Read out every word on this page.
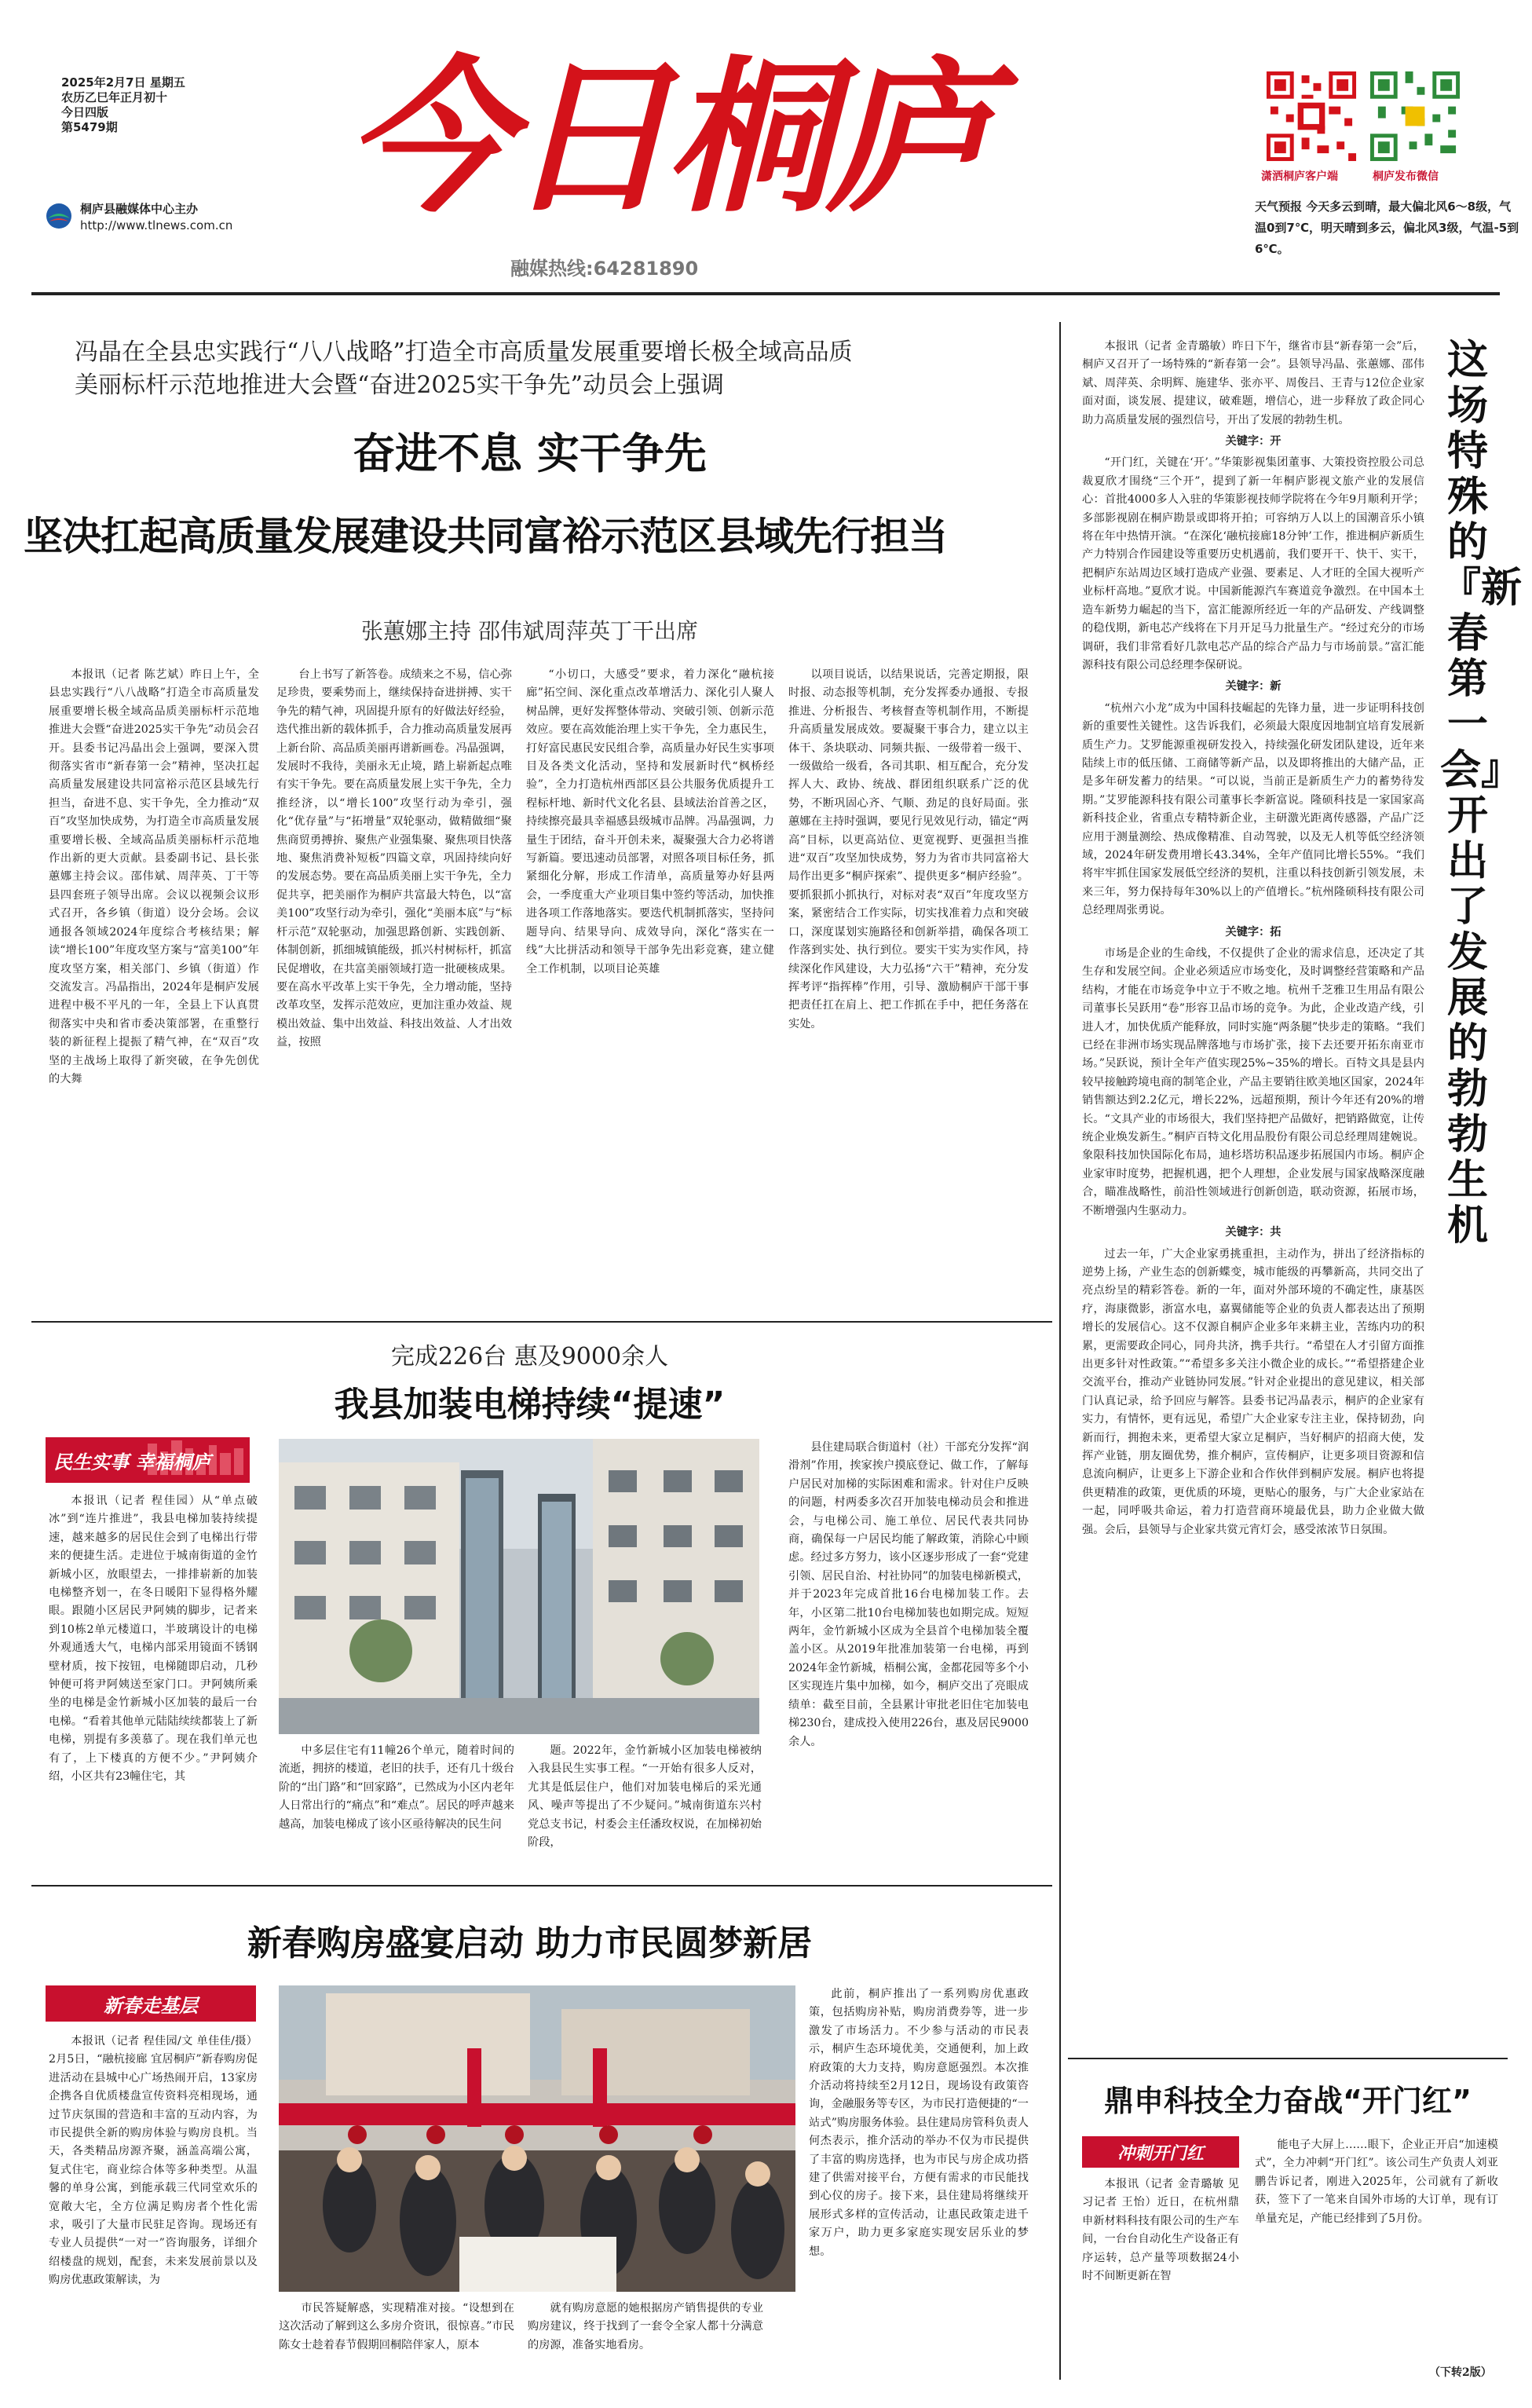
2025年2月7日 星期五
农历乙巳年正月初十
今日四版
第5479期
桐庐县融媒体中心主办
http://www.tlnews.com.cn 今日桐庐
融媒热线:64281890
潇洒桐庐客户端	桐庐发布微信
天气预报 今天多云到晴，最大偏北风6～8级，气温0到7℃，明天晴到多云，偏北风3级，气温-5到6℃。
冯晶在全县忠实践行“八八战略”打造全市高质量发展重要增长极全域高品质
美丽标杆示范地推进大会暨“奋进2025实干争先”动员会上强调
奋进不息 实干争先
坚决扛起高质量发展建设共同富裕示范区县域先行担当
张蕙娜主持 邵伟斌周萍英丁干出席

本报讯（记者 陈艺斌）昨日上午，全县忠实践行“八八战略”打造全市高质量发展重要增长极全域高品质美丽标杆示范地推进大会暨“奋进2025实干争先”动员会召开。县委书记冯晶出会上强调，要深入贯彻落实省市“新春第一会”精神，坚决扛起高质量发展建设共同富裕示范区县域先行担当，奋进不息、实干争先，全力推动“双百”攻坚加快成势，为打造全市高质量发展重要增长极、全域高品质美丽标杆示范地作出新的更大贡献。县委副书记、县长张蕙娜主持会议。邵伟斌、周萍英、丁干等县四套班子领导出席。会议以视频会议形式召开，各乡镇（街道）设分会场。会议通报各领域2024年度综合考核结果；解读“增长100”年度攻坚方案与“富美100”年度攻坚方案，相关部门、乡镇（街道）作交流发言。冯晶指出，2024年是桐庐发展进程中极不平凡的一年，全县上下认真贯彻落实中央和省市委决策部署，在重整行装的新征程上提振了精气神，在“双百”攻坚的主战场上取得了新突破，在争先创优的大舞

台上书写了新答卷。成绩来之不易，信心弥足珍贵，要乘势而上，继续保持奋进拼搏、实干争先的精气神，巩固提升原有的好做法好经验，迭代推出新的载体抓手，合力推动高质量发展再上新台阶、高品质美丽再谱新画卷。冯晶强调，发展时不我待，美丽永无止境，踏上崭新起点唯有实干争先。要在高质量发展上实干争先，全力推经济，以“增长100”攻坚行动为牵引，强化“优存量”与“拓增量”双轮驱动，做精做细“聚焦商贸勇搏拚、聚焦产业强集聚、聚焦项目快落地、聚焦消费补短板”四篇文章，巩固持续向好的发展态势。要在高品质美丽上实干争先，全力促共享，把美丽作为桐庐共富最大特色，以“富美100”攻坚行动为牵引，强化“美丽本底”与“标杆示范”双轮驱动，加强思路创新、实践创新、体制创新，抓细城镇能级，抓兴村树标杆，抓富民促增收，在共富美丽领域打造一批硬核成果。要在高水平改革上实干争先，全力增动能，坚持改革攻坚，发挥示范效应，更加注重办效益、规模出效益、集中出效益、科技出效益、人才出效益，按照

“小切口，大感受”要求，着力深化“融杭接廊”拓空间、深化重点改革增活力、深化引人聚人树品牌，更好发挥整体带动、突破引领、创新示范效应。要在高效能治理上实干争先，全力惠民生，打好富民惠民安民组合拳，高质量办好民生实事项目及各类文化活动，坚持和发展新时代“枫桥经验”，全力打造杭州西部区县公共服务优质提升工程标杆地、新时代文化名县、县域法治首善之区，持续擦亮最具幸福感县级城市品牌。冯晶强调，力量生于团结，奋斗开创未来，凝聚强大合力必将谱写新篇。要迅速动员部署，对照各项目标任务，抓紧细化分解，形成工作清单，高质量筹办好县两会，一季度重大产业项目集中签约等活动，加快推进各项工作落地落实。要迭代机制抓落实，坚持问题导向、结果导向、成效导向，深化“落实在一线”大比拼活动和领导干部争先出彩竞赛，建立健全工作机制，以项目论英雄

以项目说话，以结果说话，完善定期报，限时报、动态报等机制，充分发挥委办通报、专报推进、分析报告、考核督查等机制作用，不断提升高质量发展成效。要凝聚干事合力，建立以主体干、条块联动、同频共振、一级带着一级干、一级做给一级看，各司其职、相互配合，充分发挥人大、政协、统战、群团组织联系广泛的优势，不断巩固心齐、气顺、劲足的良好局面。张蕙娜在主持时强调，要见行见效见行动，锚定“两高”目标，以更高站位、更宽视野、更强担当推进“双百”攻坚加快成势，努力为省市共同富裕大局作出更多“桐庐探索”、提供更多“桐庐经验”。要抓狠抓小抓执行，对标对表“双百”年度攻坚方案，紧密结合工作实际，切实找准着力点和突破口，深度谋划实施路径和创新举措，确保各项工作落到实处、执行到位。要实干实为实作风，持续深化作风建设，大力弘扬“六干”精神，充分发挥考评“指挥棒”作用，引导、激励桐庐干部干事把责任扛在肩上、把工作抓在手中，把任务落在实处。

完成226台 惠及9000余人
我县加装电梯持续“提速”
民生实事 幸福桐庐

本报讯（记者 程佳园）从“单点破冰”到“连片推进”，我县电梯加装持续提速，越来越多的居民住会到了电梯出行带来的便捷生活。走进位于城南街道的金竹新城小区，放眼望去，一排排崭新的加装电梯整齐划一，在冬日暖阳下显得格外耀眼。跟随小区居民尹阿姨的脚步，记者来到10栋2单元楼道口，半玻璃设计的电梯外观通透大气，电梯内部采用镜面不锈钢壁材质，按下按钮，电梯随即启动，几秒钟便可将尹阿姨送至家门口。尹阿姨所乘坐的电梯是金竹新城小区加装的最后一台电梯。“看着其他单元陆陆续续都装上了新电梯，别提有多羡慕了。现在我们单元也有了，上下楼真的方便不少。”尹阿姨介绍，小区共有23幢住宅，其

中多层住宅有11幢26个单元，随着时间的流逝，拥挤的楼道，老旧的扶手，还有几十级台阶的“出门路”和“回家路”，已然成为小区内老年人日常出行的“痛点”和“难点”。居民的呼声越来越高，加装电梯成了该小区亟待解决的民生问

题。2022年，金竹新城小区加装电梯被纳入我县民生实事工程。“一开始有很多人反对，尤其是低层住户，他们对加装电梯后的采光通风、噪声等提出了不少疑问。”城南街道东兴村党总支书记，村委会主任潘玫权说，在加梯初始阶段，

县住建局联合街道村（社）干部充分发挥“润滑剂”作用，挨家挨户摸底登记、做工作，了解每户居民对加梯的实际困难和需求。针对住户反映的问题，村两委多次召开加装电梯动员会和推进会，与电梯公司、施工单位、居民代表共同协商，确保每一户居民均能了解政策，消除心中顾虑。经过多方努力，该小区逐步形成了一套“党建引领、居民自治、村社协同”的加装电梯新模式，并于2023年完成首批16台电梯加装工作。去年，小区第二批10台电梯加装也如期完成。短短两年，金竹新城小区成为全县首个电梯加装全覆盖小区。从2019年批准加装第一台电梯，再到2024年金竹新城，梧桐公寓，金都花园等多个小区实现连片集中加梯，如今，桐庐交出了亮眼成绩单：截至目前，全县累计审批老旧住宅加装电梯230台，建成投入使用226台，惠及居民9000余人。

新春购房盛宴启动 助力市民圆梦新居
新春走基层

本报讯（记者 程佳园/文 单佳佳/摄）2月5日，“融杭接廊 宜居桐庐”新春购房促进活动在县城中心广场热闹开启，13家房企携各自优质楼盘宣传资料亮相现场，通过节庆氛围的营造和丰富的互动内容，为市民提供全新的购房体验与购房良机。当天，各类精品房源齐聚，涵盖高端公寓，复式住宅，商业综合体等多种类型。从温馨的单身公寓，到能承载三代同堂欢乐的宽敞大宅，全方位满足购房者个性化需求，吸引了大量市民驻足咨询。现场还有专业人员提供“一对一”咨询服务，详细介绍楼盘的规划，配套，未来发展前景以及购房优惠政策解读，为

市民答疑解惑，实现精准对接。“设想到在这次活动了解到这么多房介资讯，很惊喜。”市民陈女士趁着春节假期回桐陪伴家人，原本

就有购房意愿的她根据房产销售提供的专业购房建议，终于找到了一套令全家人都十分满意的房源，准备实地看房。

此前，桐庐推出了一系列购房优惠政策，包括购房补贴，购房消费券等，进一步激发了市场活力。不少参与活动的市民表示，桐庐生态环境优美，交通便利，加上政府政策的大力支持，购房意愿强烈。本次推介活动将持续至2月12日，现场设有政策咨询，金融服务等专区，为市民打造便捷的“一站式”购房服务体验。县住建局房管科负责人何杰表示，推介活动的举办不仅为市民提供了丰富的购房选择，也为市民与房企成功搭建了供需对接平台，方便有需求的市民能找到心仪的房子。接下来，县住建局将继续开展形式多样的宣传活动，让惠民政策走进千家万户，助力更多家庭实现安居乐业的梦想。

这场特殊的『新春第一会』开出了发展的勃勃生机

本报讯（记者 金青璐敏）昨日下午，继省市县“新春第一会”后，桐庐又召开了一场特殊的“新春第一会”。县领导冯晶、张蕙娜、邵伟斌、周萍英、余明辉、施建华、张亦平、周俊吕、王青与12位企业家面对面，谈发展、提建议，破难题，增信心，进一步释放了政企同心助力高质量发展的强烈信号，开出了发展的勃勃生机。

关键字：开

“开门红，关键在‘开’。”华策影视集团董事、大策投资控股公司总裁夏欣才围绕“三个开”，提到了新一年桐庐影视文旅产业的发展信心：首批4000多人入驻的华策影视技师学院将在今年9月顺利开学；多部影视剧在桐庐勘景或即将开拍；可容纳万人以上的国潮音乐小镇将在年中热情开演。“在深化‘融杭接廊18分钟’工作，推进桐庐新质生产力特别合作园建设等重要历史机遇前，我们要开干、快干、实干，把桐庐东站周边区域打造成产业强、要素足、人才旺的全国大视听产业标杆高地。”夏欣才说。中国新能源汽车赛道竞争激烈。在中国本土造车新势力崛起的当下，富汇能源所经近一年的产品研发、产线调整的稳伐期，新电芯产线将在下月开足马力批量生产。“经过充分的市场调研，我们非常看好几款电芯产品的综合产品力与市场前景。”富汇能源科技有限公司总经理李保研说。

关键字：新

“杭州六小龙”成为中国科技崛起的先锋力量，进一步证明科技创新的重要性关键性。这告诉我们，必须最大限度因地制宜培育发展新质生产力。艾罗能源重视研发投入，持续强化研发团队建设，近年来陆续上市的低压储、工商储等新产品，以及即将推出的大储产品，正是多年研发蓄力的结果。“可以说，当前正是新质生产力的蓄势待发期。”艾罗能源科技有限公司董事长李新富说。隆硕科技是一家国家高新科技企业，省重点专精特新企业，主研激光距离传感器，产品广泛应用于测量测绘、热成像精准、自动驾驶，以及无人机等低空经济领域，2024年研发费用增长43.34%，全年产值同比增长55%。“我们将牢牢抓住国家发展低空经济的契机，注重以科技创新引领发展，未来三年，努力保持每年30%以上的产值增长。”杭州隆硕科技有限公司总经理周张勇说。

关键字：拓

市场是企业的生命线，不仅提供了企业的需求信息，还决定了其生存和发展空间。企业必须适应市场变化，及时调整经营策略和产品结构，才能在市场竞争中立于不败之地。杭州千芝雅卫生用品有限公司董事长吴跃用“卷”形容卫品市场的竞争。为此，企业改造产线，引进人才，加快优质产能释放，同时实施“两条腿”快步走的策略。“我们已经在非洲市场实现品牌落地与市场扩张，接下去还要开拓东南亚市场。”吴跃说，预计全年产值实现25%~35%的增长。百特文具是县内较早接触跨境电商的制笔企业，产品主要销往欧美地区国家，2024年销售额达到2.2亿元，增长22%，远超预期，预计今年还有20%的增长。“文具产业的市场很大，我们坚持把产品做好，把销路做宽，让传统企业焕发新生。”桐庐百特文化用品股份有限公司总经理周建婉说。象限科技加快国际化布局，迪杉塔坊积品逐步拓展国内市场。桐庐企业家审时度势，把握机遇，把个人理想，企业发展与国家战略深度融合，瞄准战略性，前沿性领域进行创新创造，联动资源，拓展市场，不断增强内生驱动力。

关键字：共

过去一年，广大企业家勇挑重担，主动作为，拼出了经济指标的逆势上扬，产业生态的创新蝶变，城市能级的再攀新高，共同交出了亮点纷呈的精彩答卷。新的一年，面对外部环境的不确定性，康基医疗，海康微影，浙富水电，嘉翼储能等企业的负责人都表达出了预期增长的发展信心。这不仅源自桐庐企业多年来耕主业，苦练内功的积累，更需要政企同心，同舟共济，携手共行。“希望在人才引留方面推出更多针对性政策。”“希望多多关注小微企业的成长。”“希望搭建企业交流平台，推动产业链协同发展。”针对企业提出的意见建议，相关部门认真记录，给予回应与解答。县委书记冯晶表示，桐庐的企业家有实力，有情怀，更有远见，希望广大企业家专注主业，保持韧劲，向新而行，拥抱未来，更希望大家立足桐庐，当好桐庐的招商大使，发挥产业链，朋友圈优势，推介桐庐，宣传桐庐，让更多项目资源和信息流向桐庐，让更多上下游企业和合作伙伴到桐庐发展。桐庐也将提供更精准的政策，更优质的环境，更贴心的服务，与广大企业家站在一起，同呼吸共命运，着力打造营商环境最优县，助力企业做大做强。会后，县领导与企业家共赏元宵灯会，感受浓浓节日氛围。

鼎申科技全力奋战“开门红”
冲刺开门红

本报讯（记者 金青璐敏 见习记者 王怡）近日，在杭州鼎申新材料科技有限公司的生产车间，一台台自动化生产设备正有序运转，总产量等项数据24小时不间断更新在智

能电子大屏上……眼下，企业正开启“加速模式”，全力冲刺“开门红”。该公司生产负责人刘亚鹏告诉记者，刚进入2025年，公司就有了新收获，签下了一笔来自国外市场的大订单，现有订单量充足，产能已经排到了5月份。

（下转2版）
